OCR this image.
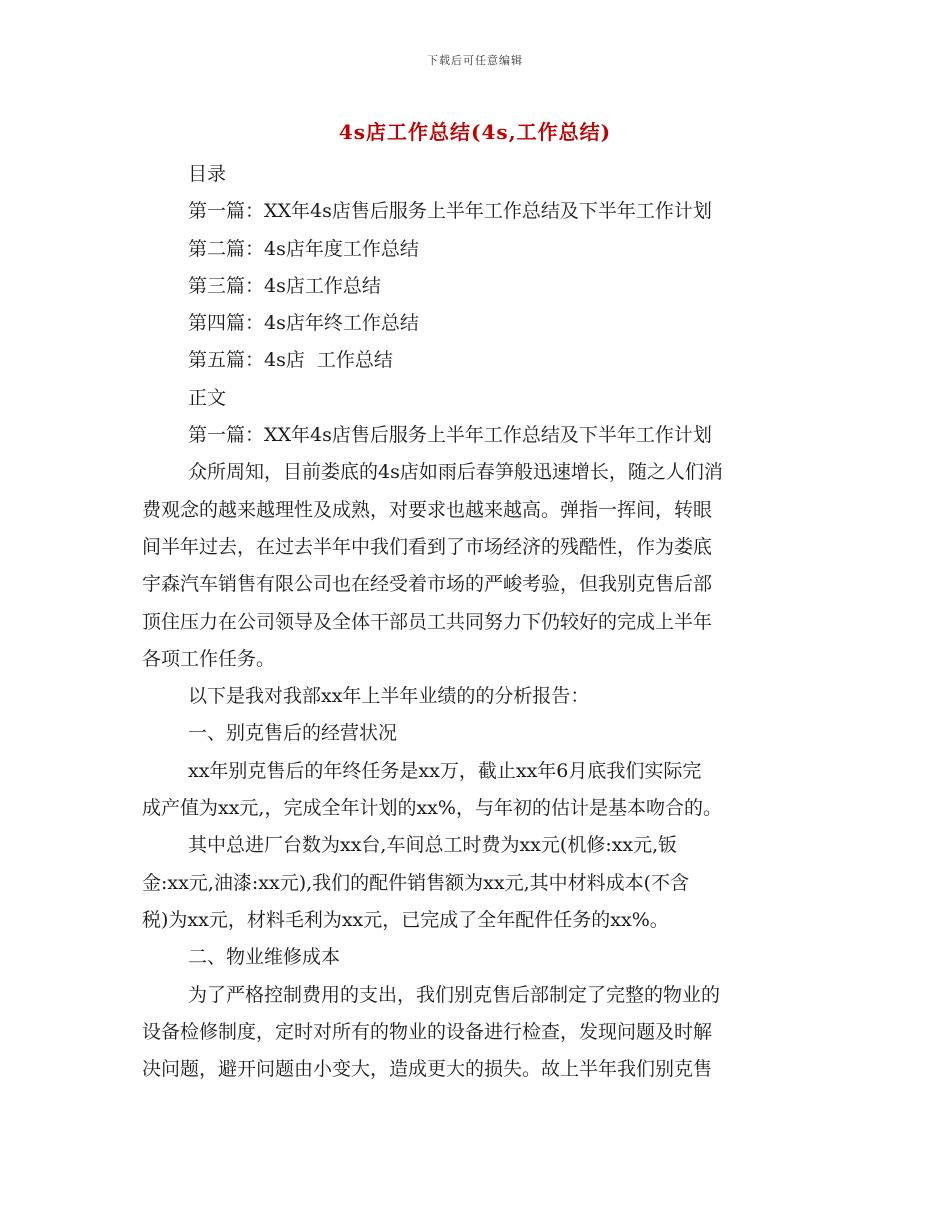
下载后可任意编辑
4s店工作总结(4s,工作总结)
目录
第一篇：XX年4s店售后服务上半年工作总结及下半年工作计划
第二篇：4s店年度工作总结
第三篇：4s店工作总结
第四篇：4s店年终工作总结
第五篇：4s店  工作总结
正文
第一篇：XX年4s店售后服务上半年工作总结及下半年工作计划
众所周知，目前娄底的4s店如雨后春笋般迅速增长，随之人们消
费观念的越来越理性及成熟，对要求也越来越高。弹指一挥间，转眼
间半年过去，在过去半年中我们看到了市场经济的残酷性，作为娄底
宇森汽车销售有限公司也在经受着市场的严峻考验，但我别克售后部
顶住压力在公司领导及全体干部员工共同努力下仍较好的完成上半年
各项工作任务。
以下是我对我部xx年上半年业绩的的分析报告：
一、别克售后的经营状况
xx年别克售后的年终任务是xx万，截止xx年6月底我们实际完
成产值为xx元,，完成全年计划的xx%，与年初的估计是基本吻合的。
其中总进厂台数为xx台,车间总工时费为xx元(机修:xx元,钣
金:xx元,油漆:xx元),我们的配件销售额为xx元,其中材料成本(不含
税)为xx元，材料毛利为xx元，已完成了全年配件任务的xx%。
二、物业维修成本
为了严格控制费用的支出，我们别克售后部制定了完整的物业的
设备检修制度，定时对所有的物业的设备进行检查，发现问题及时解
决问题，避开问题由小变大，造成更大的损失。故上半年我们别克售
